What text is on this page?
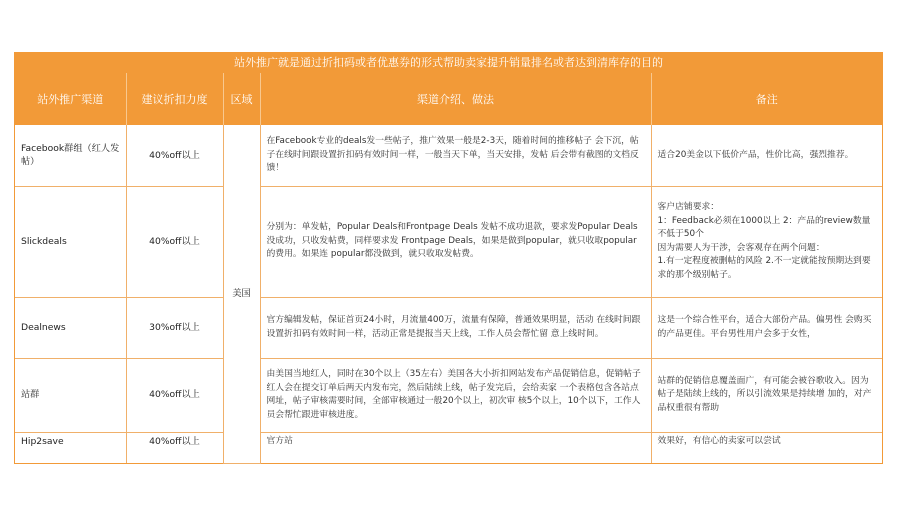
站外推广就是通过折扣码或者优惠券的形式帮助卖家提升销量排名或者达到清库存的目的				
站外推广渠道	建议折扣力度	区域	渠道介绍、做法	备注
Facebook群组（红人发帖）	40%off以上	美国	在Facebook专业的deals发一些帖子，推广效果一般是2-3天，随着时间的推移帖子 会下沉，帖子在线时间跟设置折扣码有效时间一样，一般当天下单，当天安排，发帖 后会带有截图的文档反馈！	适合20美金以下低价产品，性价比高，强烈推荐。

Slickdeals	40%off以上		分别为：单发帖，Popular Deals和Frontpage Deals 发帖不成功退款，要求发Popular Deals没成功，只收发帖费，同样要求发 Frontpage Deals，如果是做到popular，就只收取popular的费用。如果连 popular都没做到，就只收取发帖费。	客户店铺要求：
1：Feedback必须在1000以上 2：产品的review数量不低于50个
因为需要人为干涉，会客观存在两个问题：
1.有一定程度被删帖的风险 2.不一定就能按预期达到要求的那个级别帖子。

Dealnews	30%off以上		官方编辑发帖，保证首页24小时，月流量400万，流量有保障，普通效果明显，活动 在线时间跟设置折扣码有效时间一样，活动正常是提报当天上线，工作人员会帮忙留 意上线时间。	这是一个综合性平台，适合大部份产品。偏男性 会购买的产品更佳。平台男性用户会多于女性，

站群	40%off以上		由美国当地红人，同时在30个以上（35左右）美国各大小折扣网站发布产品促销信息，促销帖子红人会在提交订单后两天内发布完，然后陆续上线，帖子发完后，会给卖家 一个表格包含各站点网址，帖子审核需要时间，全部审核通过一般20个以上，初次审 核5个以上，10个以下，工作人员会帮忙跟进审核进度。	站群的促销信息覆盖面广，有可能会被谷歌收入。因为帖子是陆续上线的，所以引流效果是持续增 加的，对产品权重很有帮助

Hip2save	40%off以上		官方站	效果好，有信心的卖家可以尝试
